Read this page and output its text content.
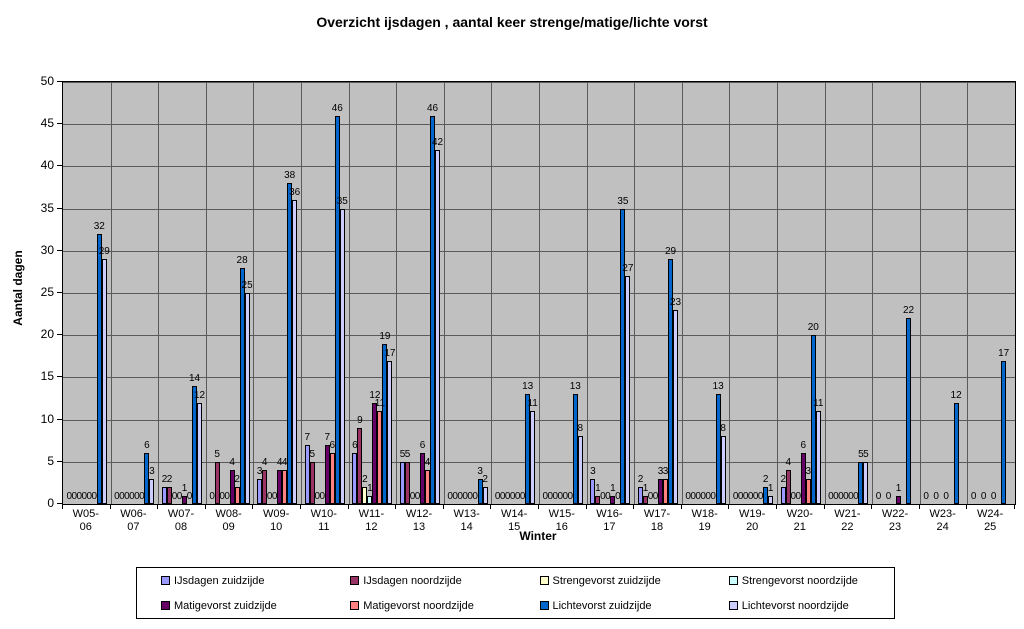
Overzicht ijsdagen , aantal keer strenge/matige/lichte vorst
0 0 0 0 0 0
32
29
0 0 0 0 0 0
6
3
2 2
0 0
1
0
14
12
0
5
0 0
4
2
28
25
3
4
0 0
4 4
38
36
7
5
0 0
7
6
46
35
6
9
2
1
12
11
19
17
5 5
0 0
6
4
46
42
0 0 0 0 0 0
3
2
0 0 0 0 0 0
13
11
0 0 0 0 0 0
13
8
3
1
0 0
1
0
35
27
2
1
0 0
3 3
29
23
0 0 0 0 0 0
13
8
0 0 0 0 0 0
2
1
2
4
0 0
6
3
20
11
0 0 0 0 0 0
5 5
0 0
1
22
0 0 0
12
0 0 0
17
0
5
10
15
20
25
30
35
40
45
50
W05-
06
W06-
07
W07-
08
W08-
09
W09-
10
W10-
11
W11-
12
W12-
13
W13-
14
W14-
15
W15-
16
W16-
17
W17-
18
W18-
19
W19-
20
W20-
21
W21-
22
W22-
23
W23-
24
W24-
25
Aantal dagen
Winter
IJsdagen zuidzijde	IJsdagen noordzijde	Strengevorst zuidzijde	Strengevorst noordzijde
Matigevorst zuidzijde	Matigevorst noordzijde	Lichtevorst zuidzijde	Lichtevorst noordzijde
